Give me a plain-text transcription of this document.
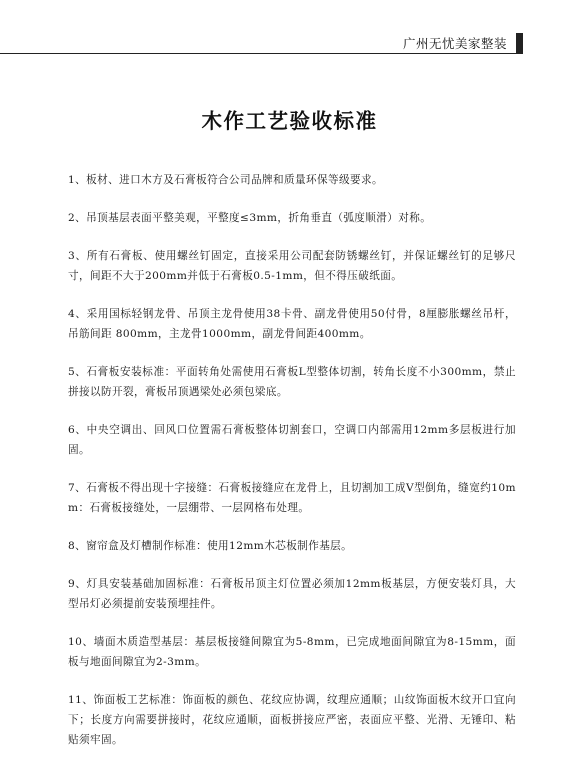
广州无忧美家整装
木作工艺验收标准

1、板材、进口木方及石膏板符合公司品牌和质量环保等级要求。

2、吊顶基层表面平整美观，平整度≤3mm，折角垂直（弧度顺滑）对称。

3、所有石膏板、使用螺丝钉固定，直接采用公司配套防锈螺丝钉，并保证螺丝钉的足够尺寸，间距不大于200mm并低于石膏板0.5-1mm，但不得压破纸面。

4、采用国标轻钢龙骨、吊顶主龙骨使用38卡骨、副龙骨使用50付骨，8厘膨胀螺丝吊杆，吊筋间距 800mm，主龙骨1000mm，副龙骨间距400mm。

5、石膏板安装标准：平面转角处需使用石膏板L型整体切割，转角长度不小300mm，禁止拼接以防开裂，膏板吊顶遇梁处必须包梁底。

6、中央空调出、回风口位置需石膏板整体切割套口，空调口内部需用12mm多层板进行加固。

7、石膏板不得出现十字接缝：石膏板接缝应在龙骨上，且切割加工成V型倒角，缝宽约10mm：石膏板接缝处，一层绷带、一层网格布处理。

8、窗帘盒及灯槽制作标准：使用12mm木芯板制作基层。

9、灯具安装基础加固标准：石膏板吊顶主灯位置必须加12mm板基层，方便安装灯具，大型吊灯必须提前安装预埋挂件。

10、墙面木质造型基层：基层板接缝间隙宜为5-8mm，已完成地面间隙宜为8-15mm，面板与地面间隙宜为2-3mm。

11、饰面板工艺标准：饰面板的颜色、花纹应协调，纹理应通顺；山纹饰面板木纹开口宜向下；长度方向需要拼接时，花纹应通顺，面板拼接应严密，表面应平整、光滑、无锤印、粘贴须牢固。
